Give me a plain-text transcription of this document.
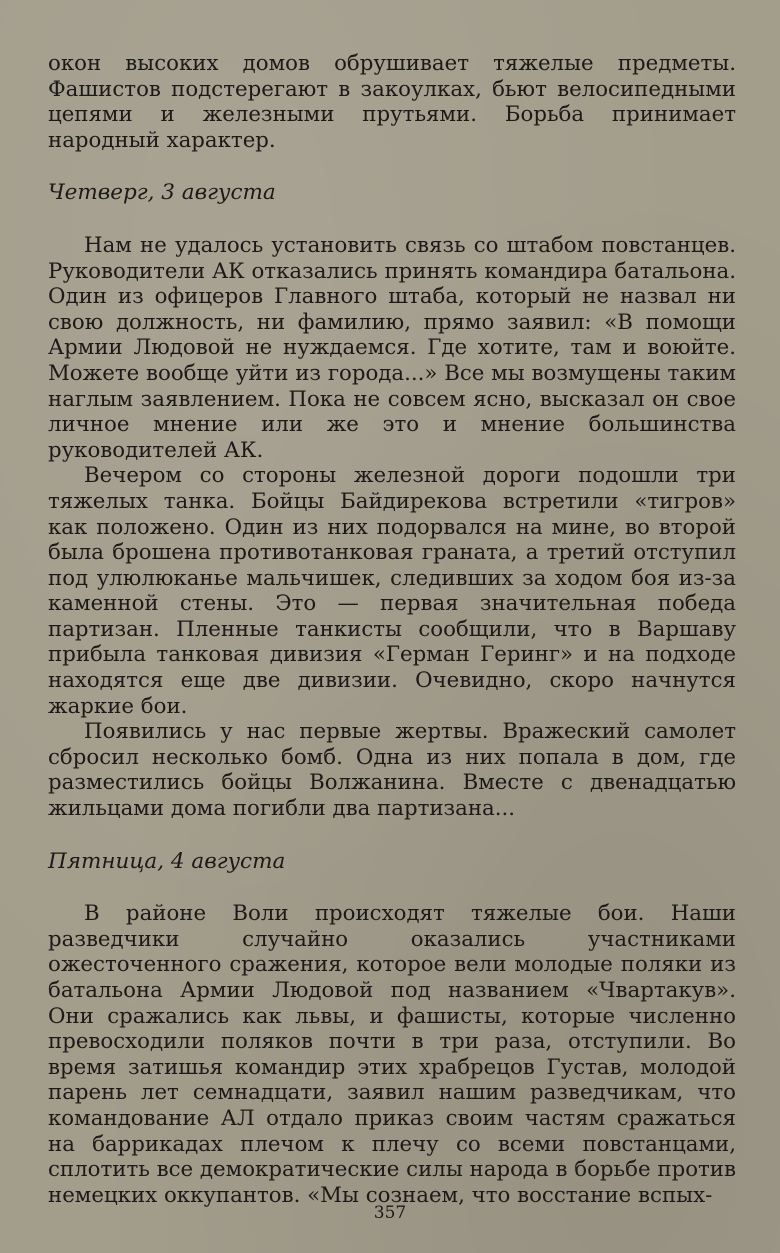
окон высоких домов обрушивает тяжелые предметы. Фашистов подстерегают в закоулках, бьют велосипедными цепями и железными прутьями. Борьба принимает народный характер.

Четверг, 3 августа

Нам не удалось установить связь со штабом повстанцев. Руководители АК отказались принять командира батальона. Один из офицеров Главного штаба, который не назвал ни свою должность, ни фамилию, прямо заявил: «В помощи Армии Людовой не нуждаемся. Где хотите, там и воюйте. Можете вообще уйти из города...» Все мы возмущены таким наглым заявлением. Пока не совсем ясно, высказал он свое личное мнение или же это и мнение большинства руководителей АК.

Вечером со стороны железной дороги подошли три тяжелых танка. Бойцы Байдирекова встретили «тигров» как положено. Один из них подорвался на мине, во второй была брошена противотанковая граната, а третий отступил под улюлюканье мальчишек, следивших за ходом боя из-за каменной стены. Это — первая значительная победа партизан. Пленные танкисты сообщили, что в Варшаву прибыла танковая дивизия «Герман Геринг» и на подходе находятся еще две дивизии. Очевидно, скоро начнутся жаркие бои.

Появились у нас первые жертвы. Вражеский самолет сбросил несколько бомб. Одна из них попала в дом, где разместились бойцы Волжанина. Вместе с двенадцатью жильцами дома погибли два партизана...

Пятница, 4 августа

В районе Воли происходят тяжелые бои. Наши разведчики случайно оказались участниками ожесточенного сражения, которое вели молодые поляки из батальона Армии Людовой под названием «Чвартакув». Они сражались как львы, и фашисты, которые численно превосходили поляков почти в три раза, отступили. Во время затишья командир этих храбрецов Густав, молодой парень лет семнадцати, заявил нашим разведчикам, что командование АЛ отдало приказ своим частям сражаться на баррикадах плечом к плечу со всеми повстанцами, сплотить все демократические силы народа в борьбе против немецких оккупантов. «Мы сознаем, что восстание вспых-

357
